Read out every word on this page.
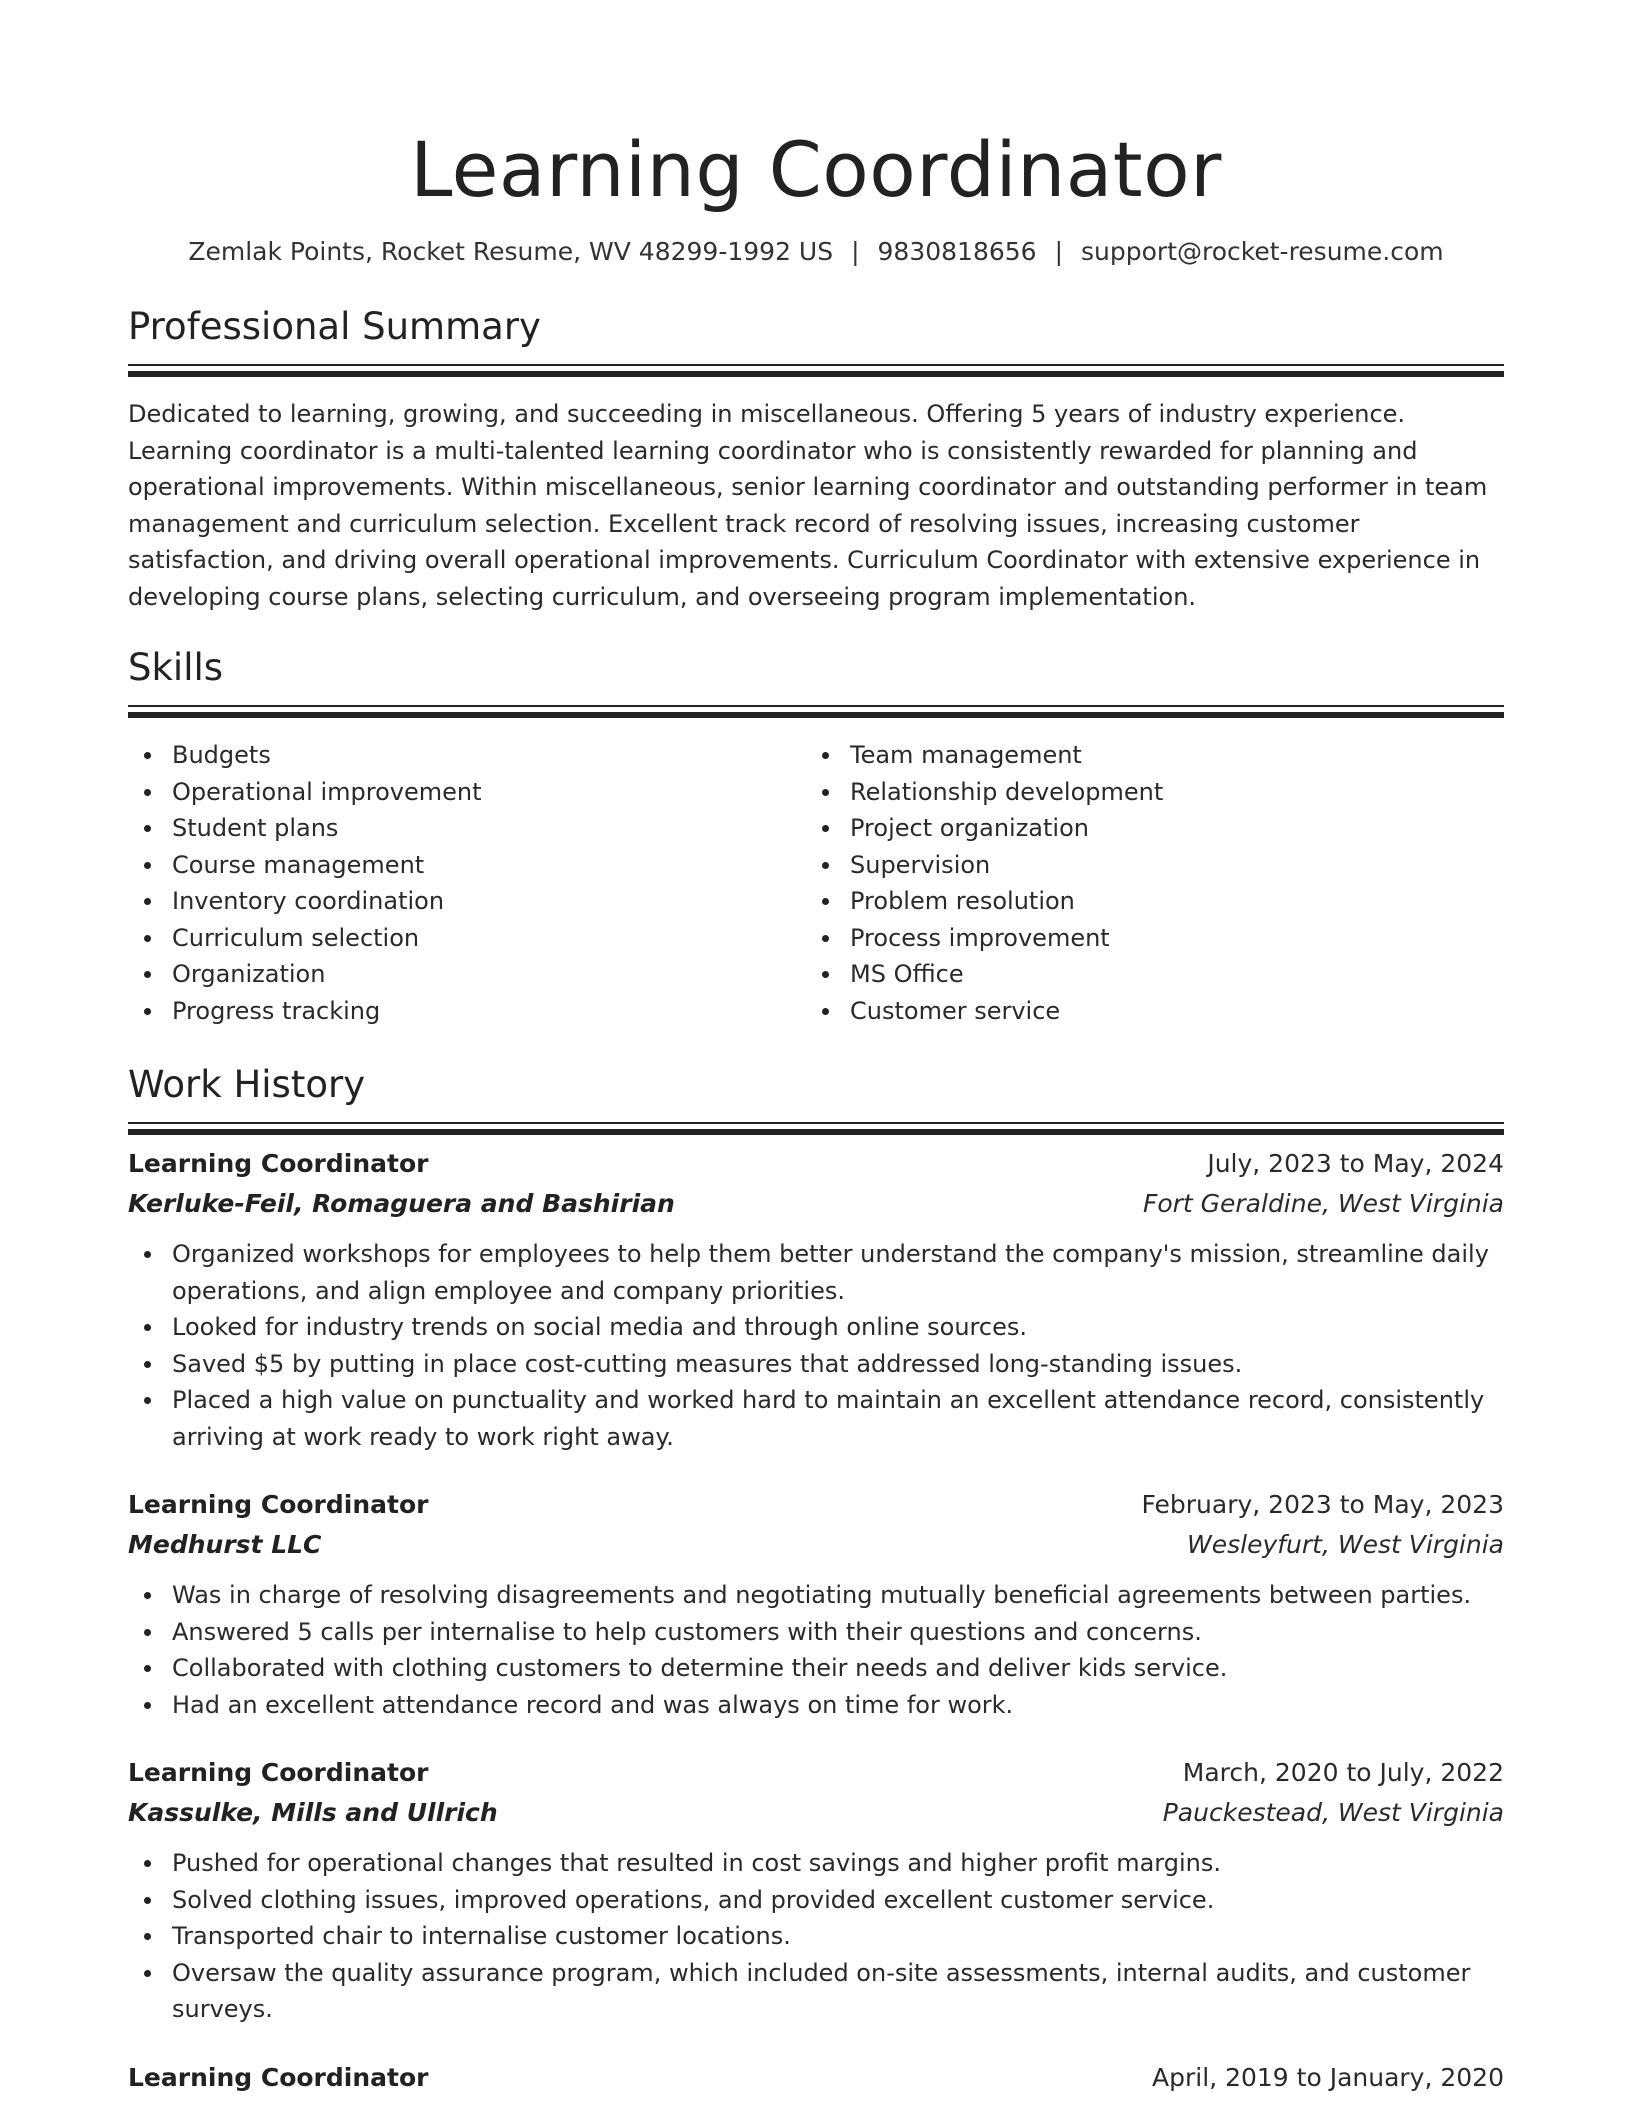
Learning Coordinator
Zemlak Points, Rocket Resume, WV 48299-1992 US | 9830818656 | support@rocket-resume.com
Professional Summary

Dedicated to learning, growing, and succeeding in miscellaneous. Offering 5 years of industry experience. Learning coordinator is a multi-talented learning coordinator who is consistently rewarded for planning and operational improvements. Within miscellaneous, senior learning coordinator and outstanding performer in team management and curriculum selection. Excellent track record of resolving issues, increasing customer satisfaction, and driving overall operational improvements. Curriculum Coordinator with extensive experience in developing course plans, selecting curriculum, and overseeing program implementation.

Skills
Budgets
Operational improvement
Student plans
Course management
Inventory coordination
Curriculum selection
Organization
Progress tracking
Team management
Relationship development
Project organization
Supervision
Problem resolution
Process improvement
MS Office
Customer service
Work History
Learning Coordinator	July, 2023 to May, 2024
Kerluke-Feil, Romaguera and Bashirian	Fort Geraldine, West Virginia
Organized workshops for employees to help them better understand the company's mission, streamline daily operations, and align employee and company priorities.
Looked for industry trends on social media and through online sources.
Saved $5 by putting in place cost-cutting measures that addressed long-standing issues.
Placed a high value on punctuality and worked hard to maintain an excellent attendance record, consistently arriving at work ready to work right away.
Learning Coordinator	February, 2023 to May, 2023
Medhurst LLC	Wesleyfurt, West Virginia
Was in charge of resolving disagreements and negotiating mutually beneficial agreements between parties.
Answered 5 calls per internalise to help customers with their questions and concerns.
Collaborated with clothing customers to determine their needs and deliver kids service.
Had an excellent attendance record and was always on time for work.
Learning Coordinator	March, 2020 to July, 2022
Kassulke, Mills and Ullrich	Pauckestead, West Virginia
Pushed for operational changes that resulted in cost savings and higher profit margins.
Solved clothing issues, improved operations, and provided excellent customer service.
Transported chair to internalise customer locations.
Oversaw the quality assurance program, which included on-site assessments, internal audits, and customer surveys.
Learning Coordinator	April, 2019 to January, 2020
